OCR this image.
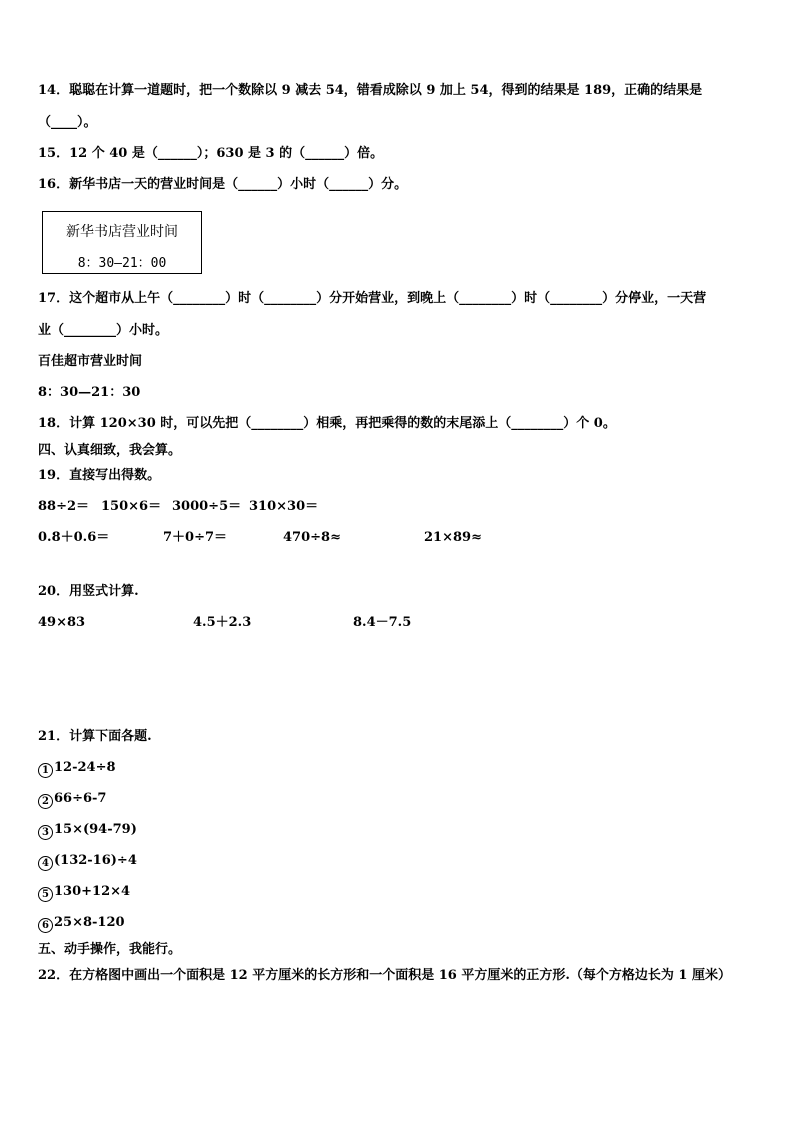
14．聪聪在计算一道题时，把一个数除以 9 减去 54，错看成除以 9 加上 54，得到的结果是 189，正确的结果是
（____）。
15．12 个 40 是（______）；630 是 3 的（______）倍。
16．新华书店一天的营业时间是（______）小时（______）分。
新华书店营业时间
8：30—21：00
17．这个超市从上午（________）时（________）分开始营业，到晚上（________）时（________）分停业，一天营
业（________）小时。
百佳超市营业时间
8：30—21：30
18．计算 120×30 时，可以先把（________）相乘，再把乘得的数的末尾添上（________）个 0。
四、认真细致，我会算。
19．直接写出得数。
88÷2＝ 150×6＝ 3000÷5＝ 310×30＝
0.8＋0.6＝	7＋0÷7＝	470÷8≈	21×89≈
20．用竖式计算.
49×83	4.5＋2.3	8.4－7.5
21．计算下面各题.
1 12-24÷8
2 66÷6-7
3 15×(94-79)
4 (132-16)÷4
5 130+12×4
6 25×8-120
五、动手操作，我能行。
22．在方格图中画出一个面积是 12 平方厘米的长方形和一个面积是 16 平方厘米的正方形.（每个方格边长为 1 厘米）
